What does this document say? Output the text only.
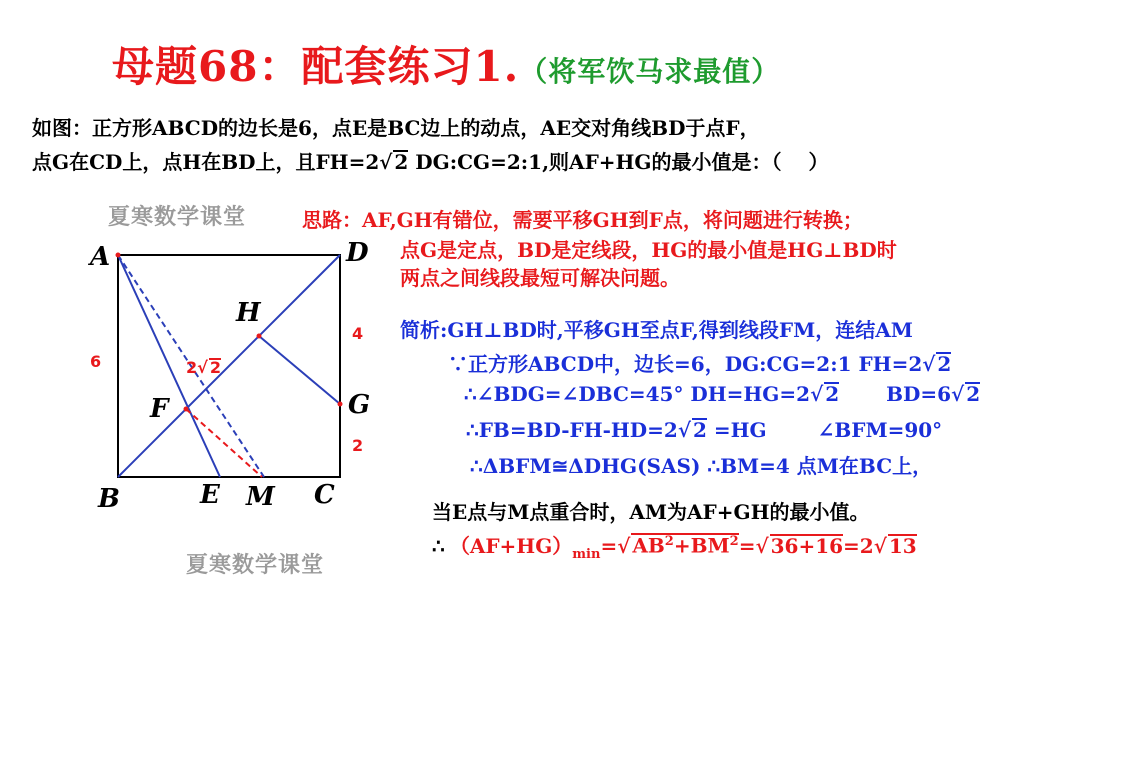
母题68：配套练习1.（将军饮马求最值）
如图：正方形ABCD的边长是6，点E是BC边上的动点，AE交对角线BD于点F，
点G在CD上，点H在BD上，且FH=2√ 2 DG:CG=2:1,则AF+HG的最小值是：（　 ）
夏寒数学课堂
夏寒数学课堂
思路：AF,GH有错位，需要平移GH到F点，将问题进行转换；
点G是定点，BD是定线段，HG的最小值是HG⊥BD时
两点之间线段最短可解决问题。
简析:GH⊥BD时,平移GH至点F,得到线段FM，连结AM
∵正方形ABCD中，边长=6，DG:CG=2:1 FH=2√ 2
∴∠BDG=∠DBC=45° DH=HG=2√ 2 BD=6√ 2
∴FB=BD-FH-HD=2√ 2 =HG	∠BFM=90°
∴ΔBFM≅ΔDHG(SAS) ∴BM=4 点M在BC上，
当E点与M点重合时，AM为AF+GH的最小值。
∴ $(AF+HG)_{min}=√$ $AB^2+BM^2=√$ 36+16=2√ 13
A	D
B	C
E M
F
H
G
6
4
2
2√ 2
